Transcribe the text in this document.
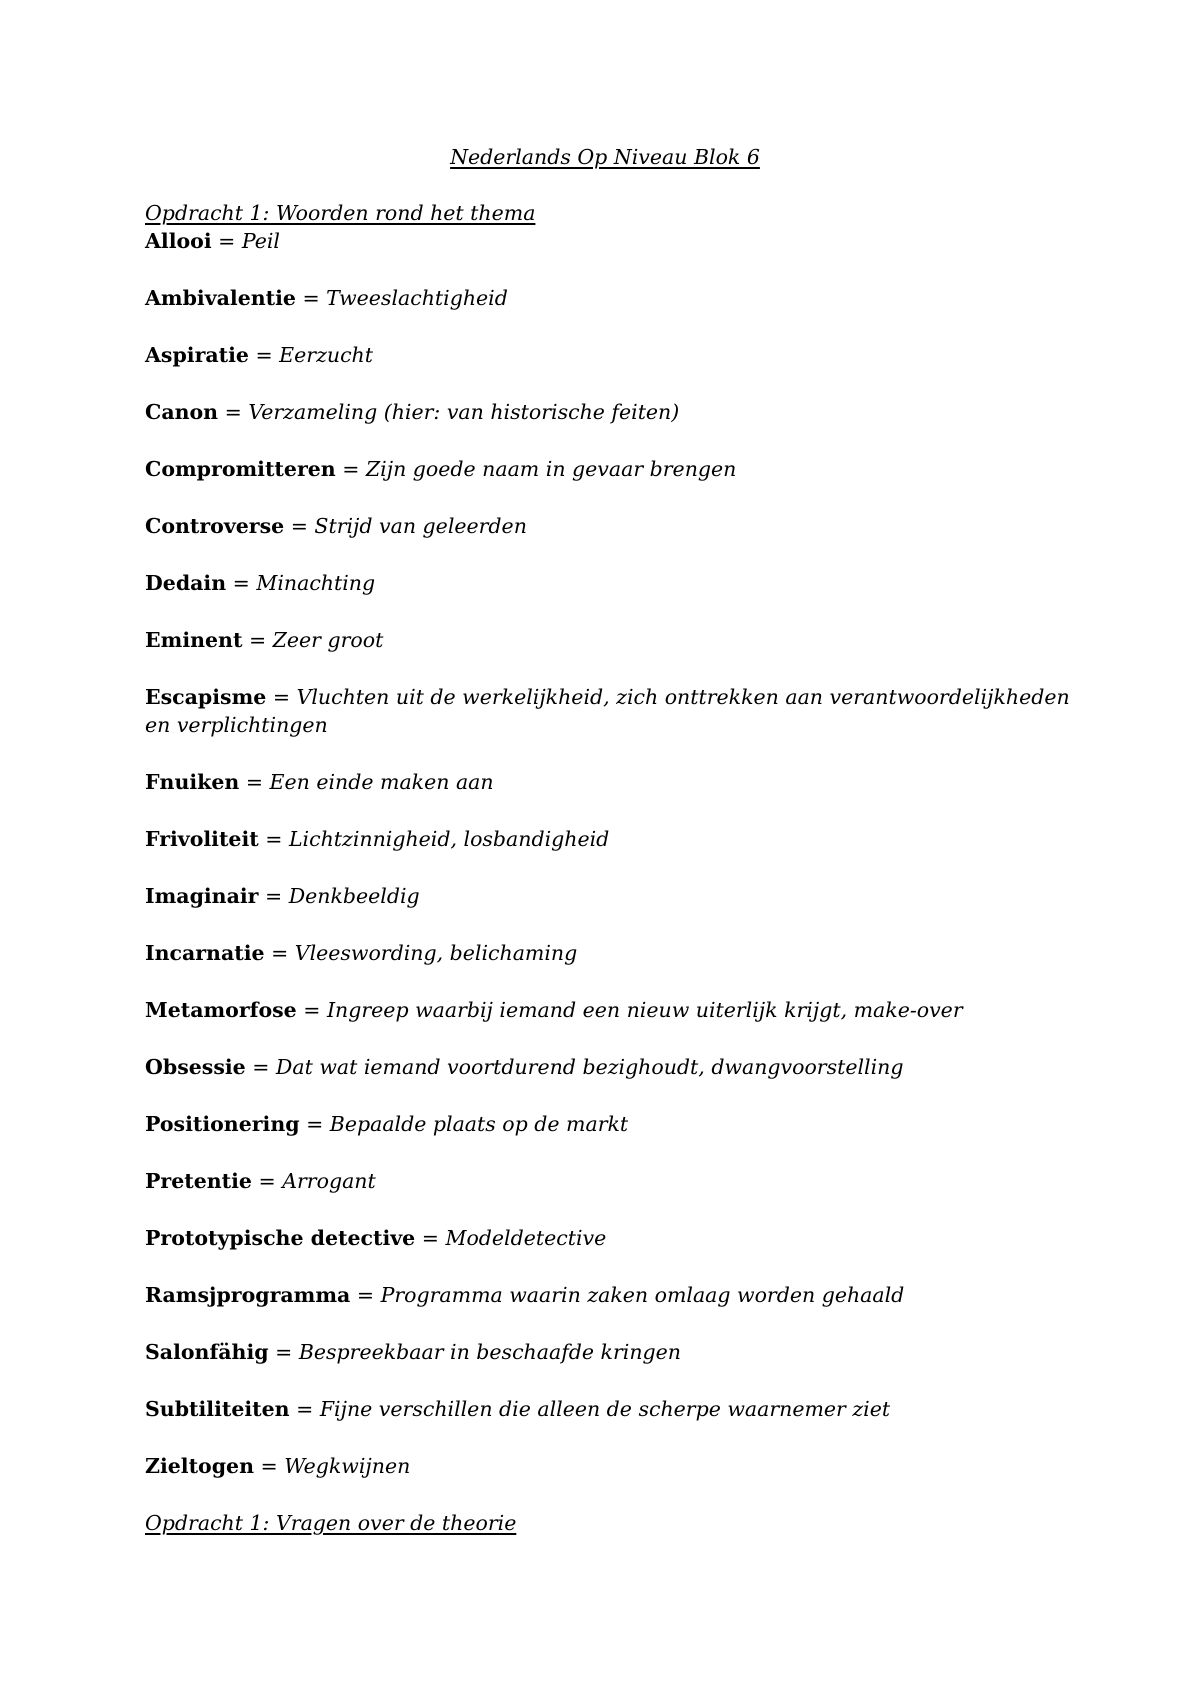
Nederlands Op Niveau Blok 6
Opdracht 1: Woorden rond het thema
Allooi = Peil
Ambivalentie = Tweeslachtigheid
Aspiratie = Eerzucht
Canon = Verzameling (hier: van historische feiten)
Compromitteren = Zijn goede naam in gevaar brengen
Controverse = Strijd van geleerden
Dedain = Minachting
Eminent = Zeer groot
Escapisme = Vluchten uit de werkelijkheid, zich onttrekken aan verantwoordelijkheden en verplichtingen
Fnuiken = Een einde maken aan
Frivoliteit = Lichtzinnigheid, losbandigheid
Imaginair = Denkbeeldig
Incarnatie = Vleeswording, belichaming
Metamorfose = Ingreep waarbij iemand een nieuw uiterlijk krijgt, make-over
Obsessie = Dat wat iemand voortdurend bezighoudt, dwangvoorstelling
Positionering = Bepaalde plaats op de markt
Pretentie = Arrogant
Prototypische detective = Modeldetective
Ramsjprogramma = Programma waarin zaken omlaag worden gehaald
Salonfähig = Bespreekbaar in beschaafde kringen
Subtiliteiten = Fijne verschillen die alleen de scherpe waarnemer ziet
Zieltogen = Wegkwijnen
Opdracht 1: Vragen over de theorie
